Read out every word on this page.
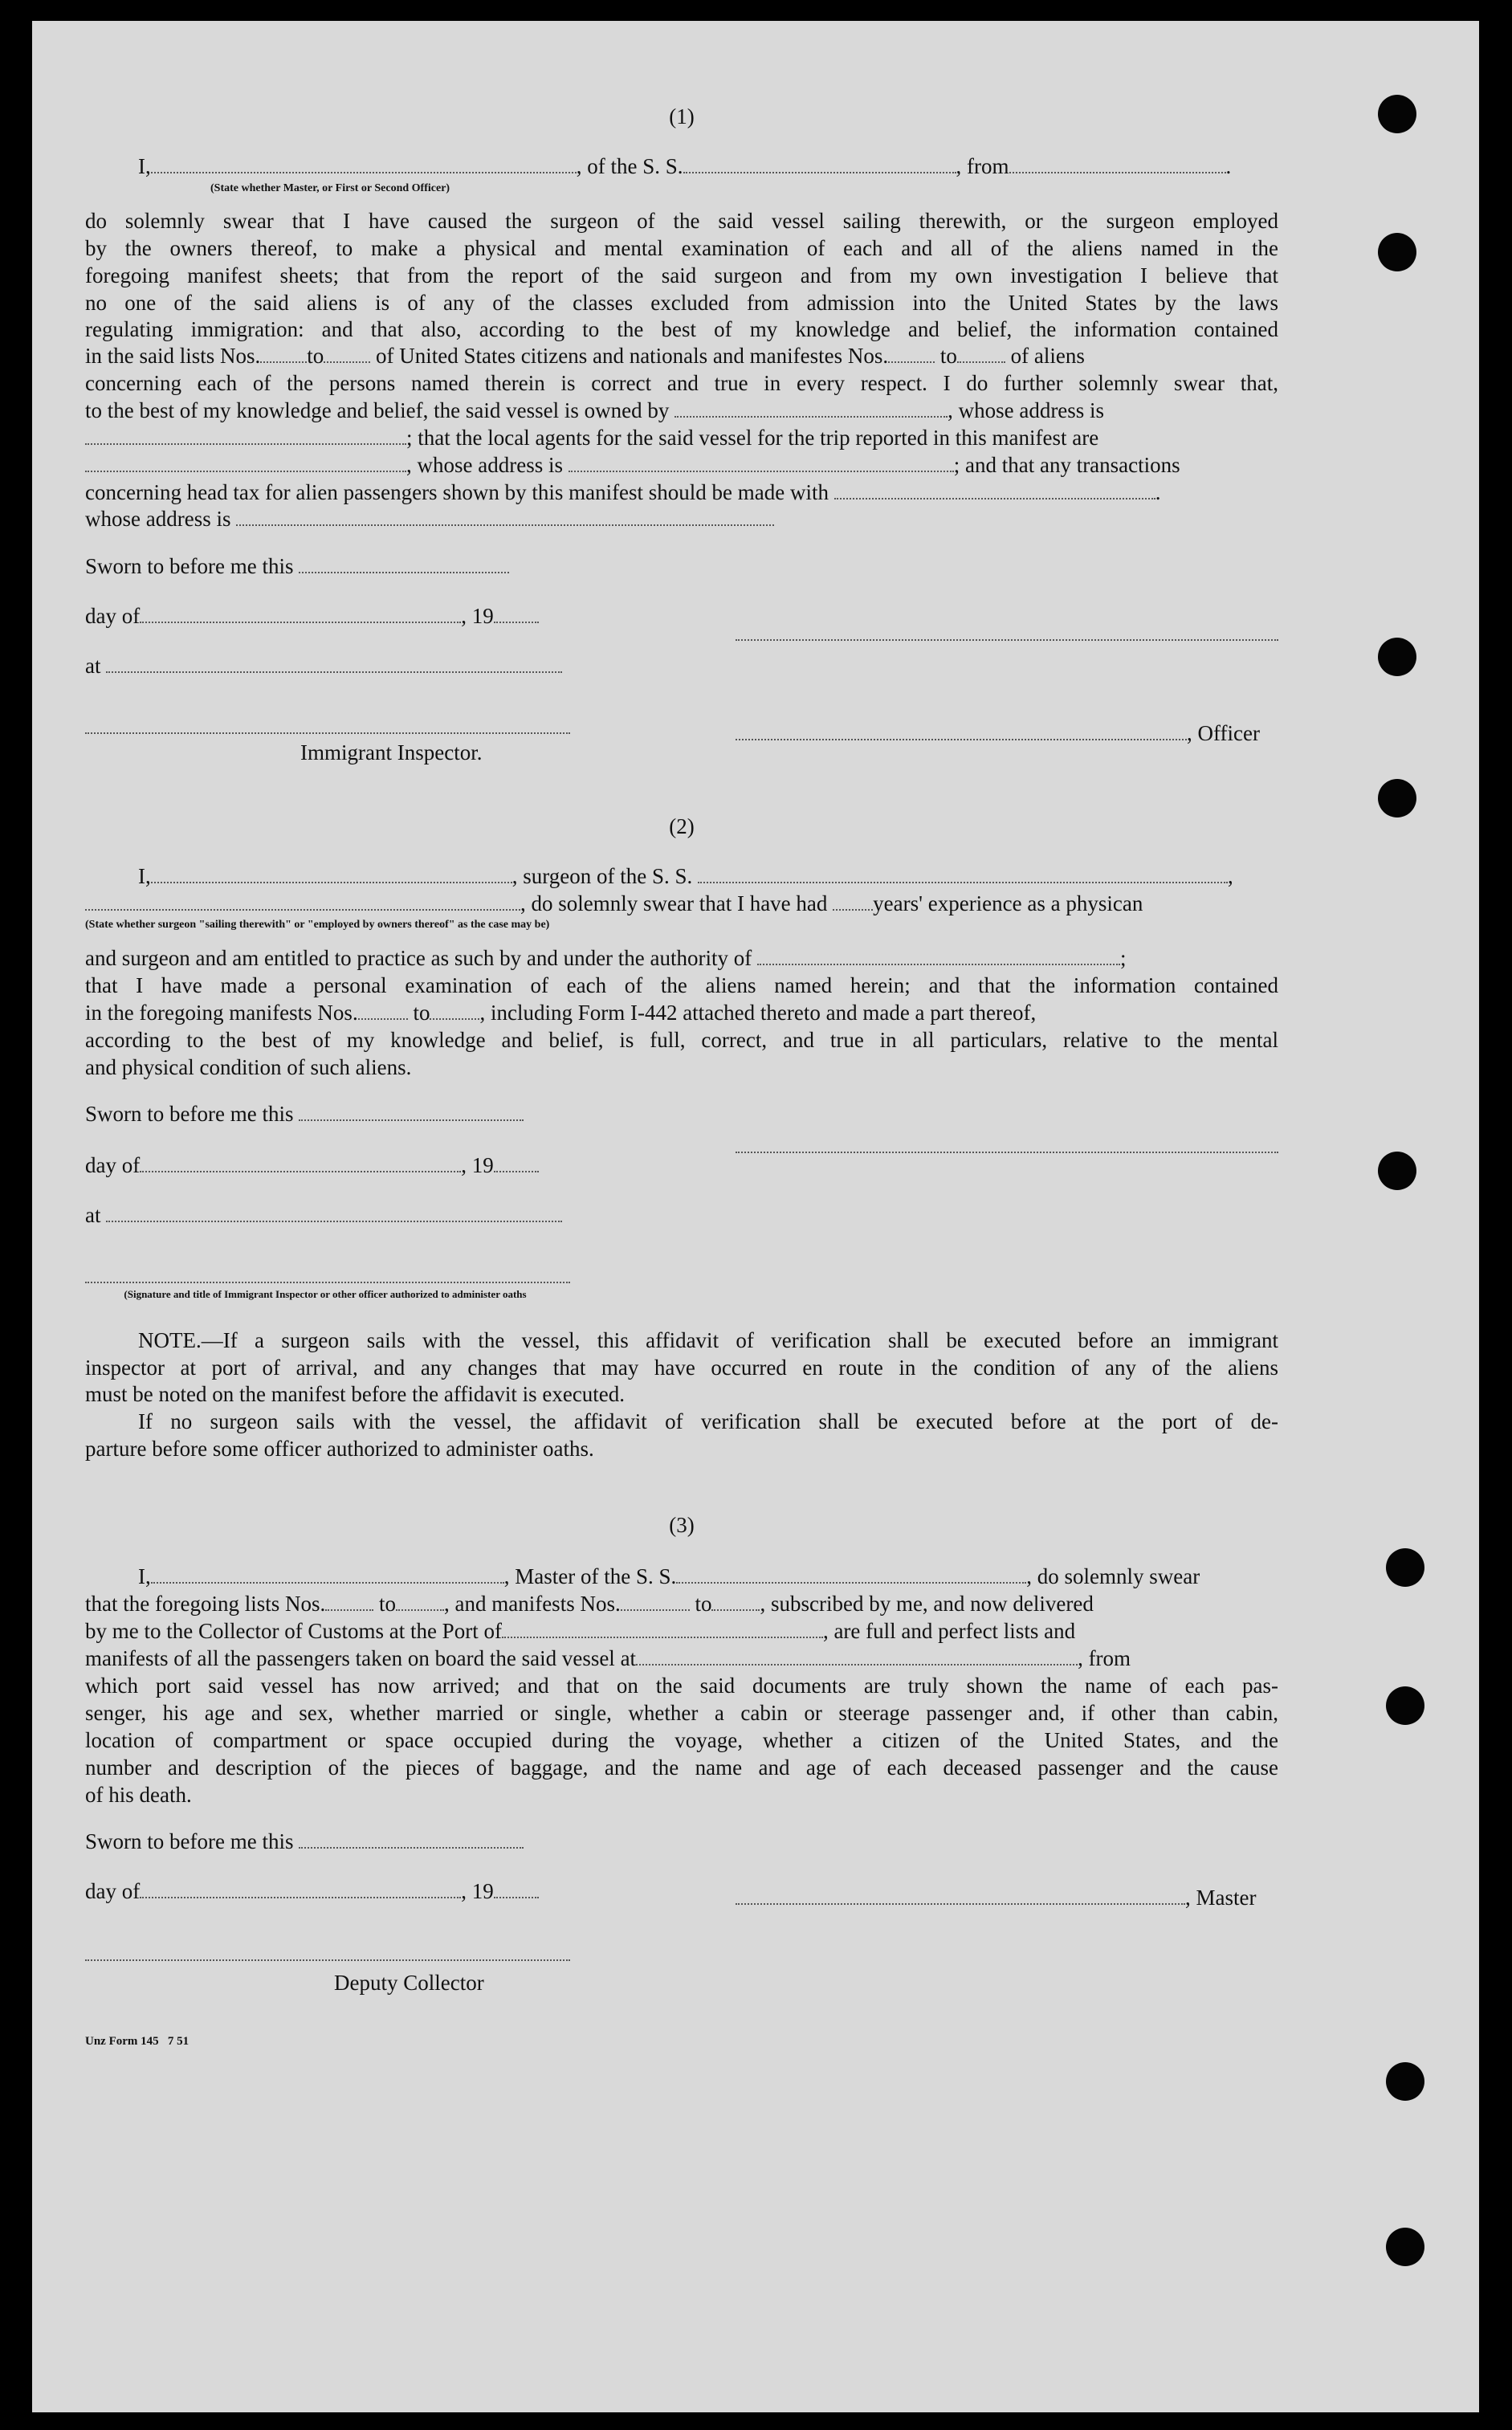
(1)
I,	, of the S. S.	, from	.
(State whether Master, or First or Second Officer)
do solemnly swear that I have caused the surgeon of the said vessel sailing therewith, or the surgeon employed
by the owners thereof, to make a physical and mental examination of each and all of the aliens named in the
foregoing manifest sheets; that from the report of the said surgeon and from my own investigation I believe that
no one of the said aliens is of any of the classes excluded from admission into the United States by the laws
regulating immigration: and that also, according to the best of my knowledge and belief, the information contained
in the said lists Nos. to of United States citizens and nationals and manifestes Nos. to of aliens
concerning each of the persons named therein is correct and true in every respect. I do further solemnly swear that,
to the best of my knowledge and belief, the said vessel is owned by	, whose address is
; that the local agents for the said vessel for the trip reported in this manifest are
, whose address is	; and that any transactions
concerning head tax for alien passengers shown by this manifest should be made with	.
whose address is
Sworn to before me this
day of	, 19
at
, Officer
Immigrant Inspector.
(2)
I,	, surgeon of the S. S.	,
, do solemnly swear that I have had years' experience as a physican
(State whether surgeon "sailing therewith" or "employed by owners thereof" as the case may be)
and surgeon and am entitled to practice as such by and under the authority of	;
that I have made a personal examination of each of the aliens named herein; and that the information contained
in the foregoing manifests Nos.	to , including Form I-442 attached thereto and made a part thereof,
according to the best of my knowledge and belief, is full, correct, and true in all particulars, relative to the mental
and physical condition of such aliens.
Sworn to before me this
day of	, 19
at
(Signature and title of Immigrant Inspector or other officer authorized to administer oaths
NOTE.—If a surgeon sails with the vessel, this affidavit of verification shall be executed before an immigrant
inspector at port of arrival, and any changes that may have occurred en route in the condition of any of the aliens
must be noted on the manifest before the affidavit is executed.
If no surgeon sails with the vessel, the affidavit of verification shall be executed before at the port of de-
parture before some officer authorized to administer oaths.
(3)
I,	, Master of the S. S.	, do solemnly swear
that the foregoing lists Nos. to , and manifests Nos.	to , subscribed by me, and now delivered
by me to the Collector of Customs at the Port of	, are full and perfect lists and
manifests of all the passengers taken on board the said vessel at	, from
which port said vessel has now arrived; and that on the said documents are truly shown the name of each pas-
senger, his age and sex, whether married or single, whether a cabin or steerage passenger and, if other than cabin,
location of compartment or space occupied during the voyage, whether a citizen of the United States, and the
number and description of the pieces of baggage, and the name and age of each deceased passenger and the cause
of his death.
Sworn to before me this
day of	, 19	, Master
Deputy Collector
Unz Form 145   7 51
